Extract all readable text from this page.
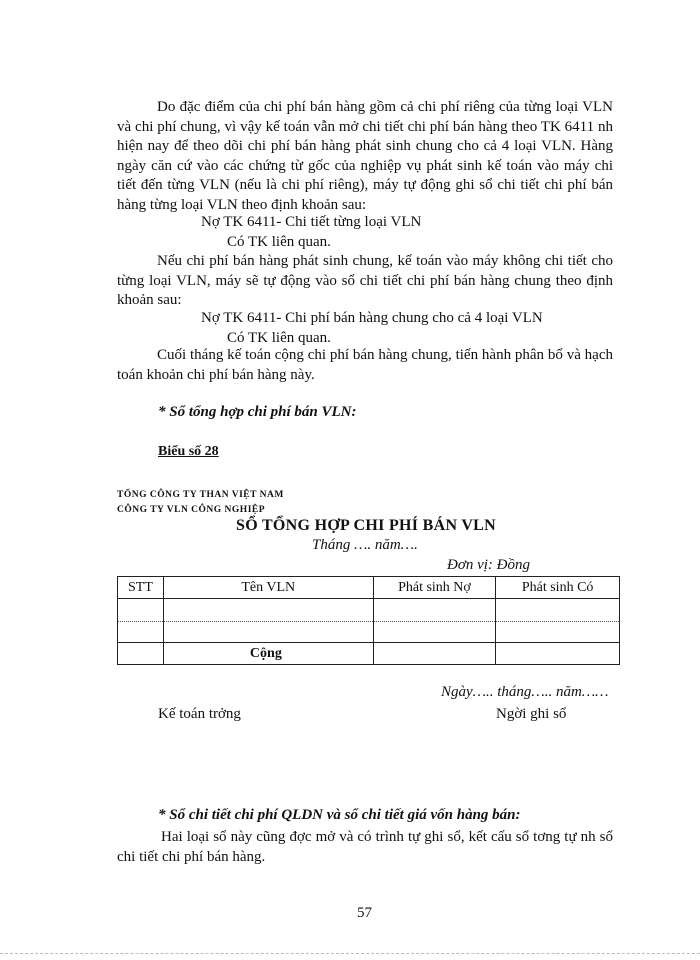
Do đặc điểm của chi phí bán hàng gồm cả chi phí riêng của từng loại VLN và chi phí chung, vì vậy kế toán vẫn mở chi tiết chi phí bán hàng theo TK 6411 nh hiện nay để theo dõi chi phí bán hàng phát sinh chung cho cả 4 loại VLN. Hàng ngày căn cứ vào các chứng từ gốc của nghiệp vụ phát sinh kế toán vào máy chi tiết đến từng VLN (nếu là chi phí riêng), máy tự động ghi sổ chi tiết chi phí bán hàng từng loại VLN theo định khoản sau:
Nợ TK 6411- Chi tiết từng loại VLN
Có TK liên quan.
Nếu chi phí bán hàng phát sinh chung, kế toán vào máy không chi tiết cho từng loại VLN, máy sẽ tự động vào sổ chi tiết chi phí bán hàng chung theo định khoản sau:
Nợ TK 6411- Chi phí bán hàng chung cho cả 4 loại VLN
Có TK liên quan.
Cuối tháng kế toán cộng chi phí bán hàng chung, tiến hành phân bổ và hạch toán khoản chi phí bán hàng này.
* Sổ tổng hợp chi phí bán VLN:
Biểu số 28
TỔNG CÔNG TY THAN VIỆT NAM
CÔNG TY VLN CÔNG NGHIỆP
SỔ TỔNG HỢP CHI PHÍ BÁN VLN
Tháng …. năm….
Đơn vị: Đồng
STT	Tên VLN	Phát sinh Nợ	Phát sinh Có

	Cộng		
Ngày….. tháng….. năm……
Kế toán trởng	Ngời ghi sổ
* Sổ chi tiết chi phí QLDN và sổ chi tiết giá vốn hàng bán:
Hai loại sổ này cũng đợc mở và có trình tự ghi sổ, kết cấu sổ tơng tự nh sổ chi tiết chi phí bán hàng.
57
